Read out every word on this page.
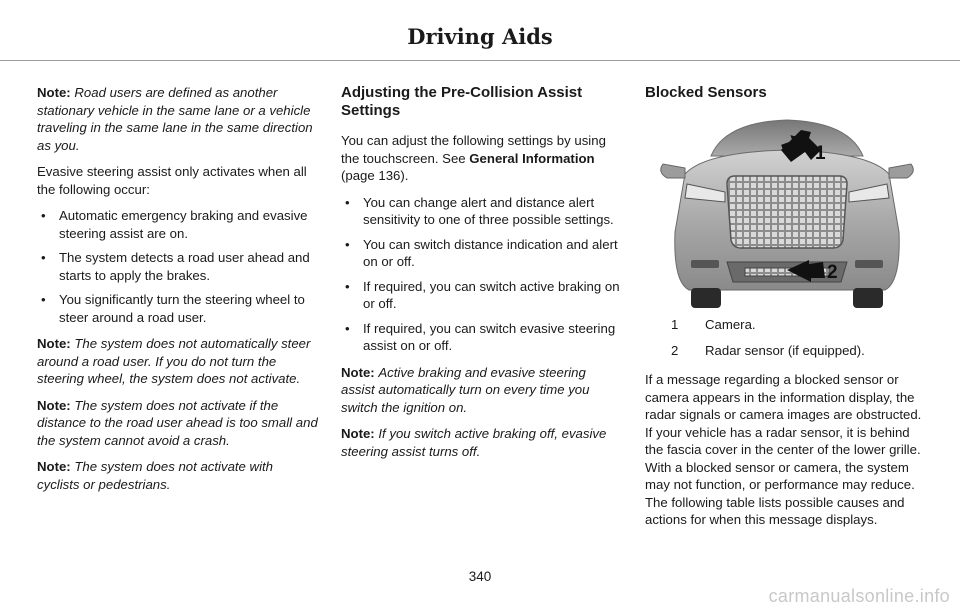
Driving Aids

Note: Road users are defined as another stationary vehicle in the same lane or a vehicle traveling in the same lane in the same direction as you.

Evasive steering assist only activates when all the following occur:

• Automatic emergency braking and evasive steering assist are on.
• The system detects a road user ahead and starts to apply the brakes.
• You significantly turn the steering wheel to steer around a road user.

Note: The system does not automatically steer around a road user. If you do not turn the steering wheel, the system does not activate.

Note: The system does not activate if the distance to the road user ahead is too small and the system cannot avoid a crash.

Note: The system does not activate with cyclists or pedestrians.

Adjusting the Pre-Collision Assist Settings

You can adjust the following settings by using the touchscreen. See General Information (page 136).

• You can change alert and distance alert sensitivity to one of three possible settings.
• You can switch distance indication and alert on or off.
• If required, you can switch active braking on or off.
• If required, you can switch evasive steering assist on or off.

Note: Active braking and evasive steering assist automatically turn on every time you switch the ignition on.

Note: If you switch active braking off, evasive steering assist turns off.

Blocked Sensors
1
2
1	Camera.
2	Radar sensor (if equipped).

If a message regarding a blocked sensor or camera appears in the information display, the radar signals or camera images are obstructed. If your vehicle has a radar sensor, it is behind the fascia cover in the center of the lower grille. With a blocked sensor or camera, the system may not function, or performance may reduce. The following table lists possible causes and actions for when this message displays.

340
carmanualsonline.info
